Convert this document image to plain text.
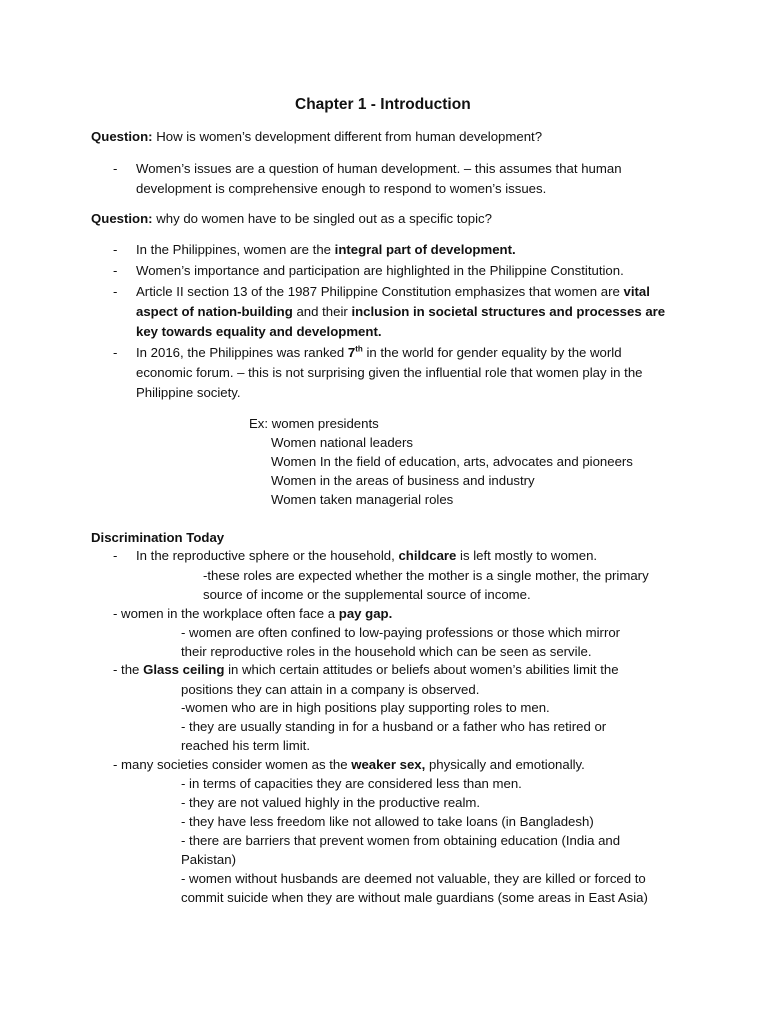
Chapter 1 - Introduction
Question: How is women’s development different from human development?
- Women’s issues are a question of human development. – this assumes that human
development is comprehensive enough to respond to women’s issues.
Question: why do women have to be singled out as a specific topic?
- In the Philippines, women are the integral part of development.
- Women’s importance and participation are highlighted in the Philippine Constitution.
- Article II section 13 of the 1987 Philippine Constitution emphasizes that women are vital
aspect of nation-building and their inclusion in societal structures and processes are
key towards equality and development.
- In 2016, the Philippines was ranked 7th in the world for gender equality by the world
economic forum. – this is not surprising given the influential role that women play in the
Philippine society.
Ex: women presidents
Women national leaders
Women In the field of education, arts, advocates and pioneers
Women in the areas of business and industry
Women taken managerial roles
Discrimination Today
- In the reproductive sphere or the household, childcare is left mostly to women.
-these roles are expected whether the mother is a single mother, the primary
source of income or the supplemental source of income.
- women in the workplace often face a pay gap.
- women are often confined to low-paying professions or those which mirror
their reproductive roles in the household which can be seen as servile.
- the Glass ceiling in which certain attitudes or beliefs about women’s abilities limit the
positions they can attain in a company is observed.
-women who are in high positions play supporting roles to men.
- they are usually standing in for a husband or a father who has retired or
reached his term limit.
- many societies consider women as the weaker sex, physically and emotionally.
- in terms of capacities they are considered less than men.
- they are not valued highly in the productive realm.
- they have less freedom like not allowed to take loans (in Bangladesh)
- there are barriers that prevent women from obtaining education (India and
Pakistan)
- women without husbands are deemed not valuable, they are killed or forced to
commit suicide when they are without male guardians (some areas in East Asia)
